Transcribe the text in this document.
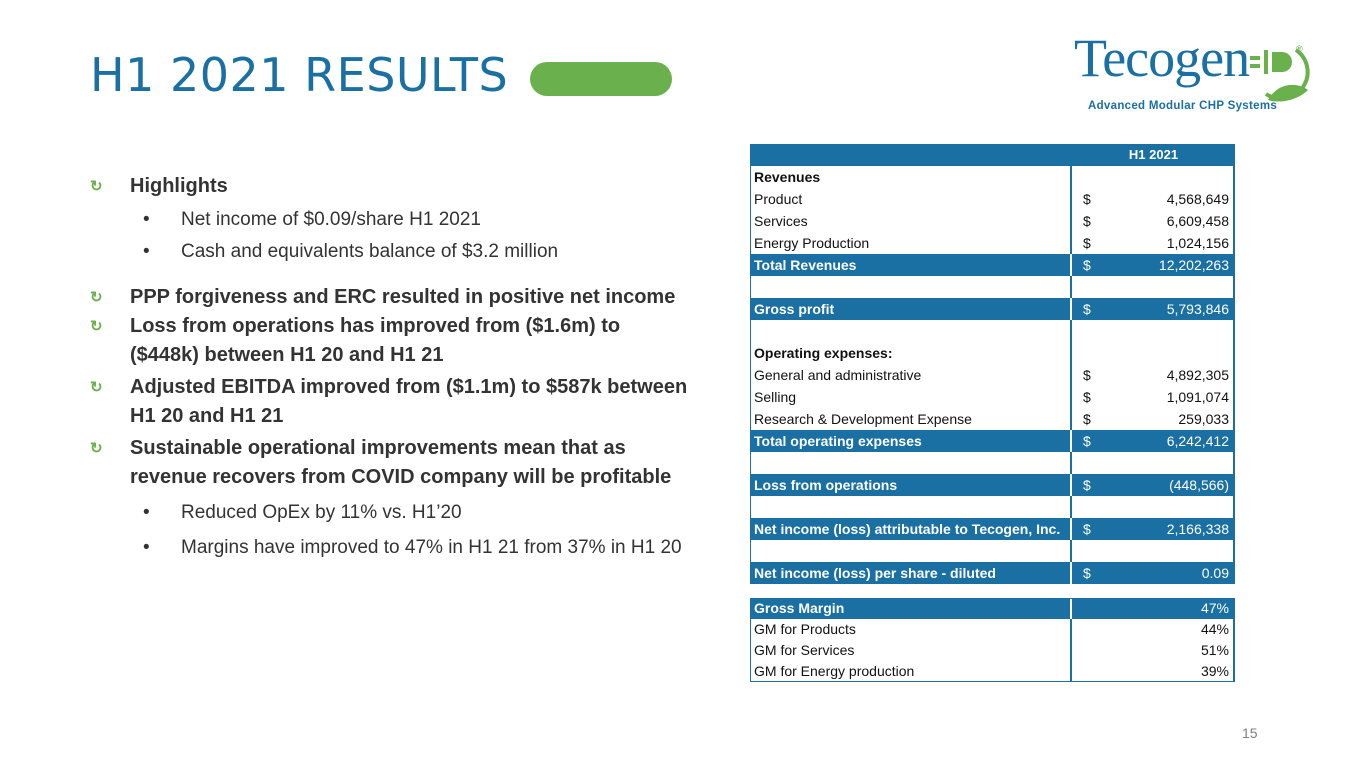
H1 2021 RESULTS	Tecogen	®
Advanced Modular CHP Systems
↻ Highlights
• Net income of $0.09/share H1 2021
• Cash and equivalents balance of $3.2 million
↻ PPP forgiveness and ERC resulted in positive net income
↻ Loss from operations has improved from ($1.6m) to ($448k) between H1 20 and H1 21
↻ Adjusted EBITDA improved from ($1.1m) to $587k between H1 20 and H1 21
↻ Sustainable operational improvements mean that as revenue recovers from COVID company will be profitable
• Reduced OpEx by 11% vs. H1’20
• Margins have improved to 47% in H1 21 from 37% in H1 20
H1 2021
Revenues
Product	$	4,568,649
Services	$	6,609,458
Energy Production	$	1,024,156
Total Revenues	$	12,202,263
Gross profit	$	5,793,846
Operating expenses:
General and administrative	$	4,892,305
Selling	$	1,091,074
Research & Development Expense	$	259,033
Total operating expenses	$	6,242,412
Loss from operations	$	(448,566)
Net income (loss) attributable to Tecogen, Inc. $	2,166,338
Net income (loss) per share - diluted	$	0.09
Gross Margin	47%
GM for Products	44%
GM for Services	51%
GM for Energy production	39%
15
